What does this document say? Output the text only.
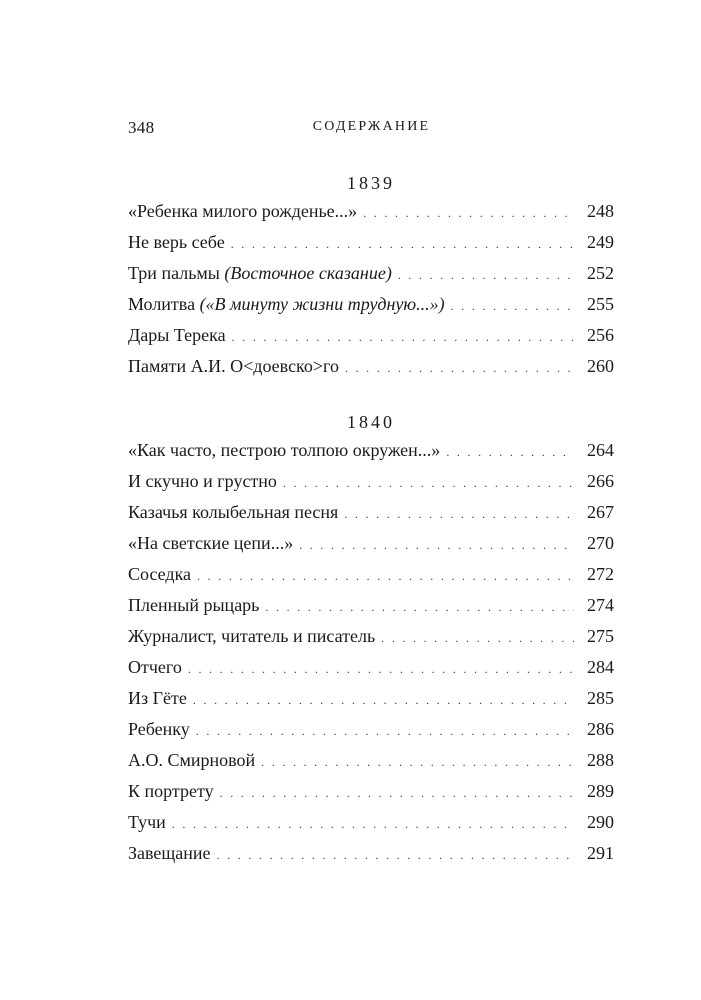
348	СОДЕРЖАНИЕ
1839
«Ребенка милого рожденье...» . . .	248
Не верь себе . . .	249
Три пальмы (Восточное сказание) . . .	252
Молитва («В минуту жизни трудную...») . . .	255
Дары Терека . . .	256
Памяти А.И. О<доевско>го . . .	260
1840
«Как часто, пестрою толпою окружен...» . . .	264
И скучно и грустно . . .	266
Казачья колыбельная песня . . .	267
«На светские цепи...» . . .	270
Соседка . . .	272
Пленный рыцарь . . .	274
Журналист, читатель и писатель . . .	275
Отчего . . .	284
Из Гёте . . .	285
Ребенку . . .	286
А.О. Смирновой . . .	288
К портрету . . .	289
Тучи . . .	290
Завещание . . .	291
